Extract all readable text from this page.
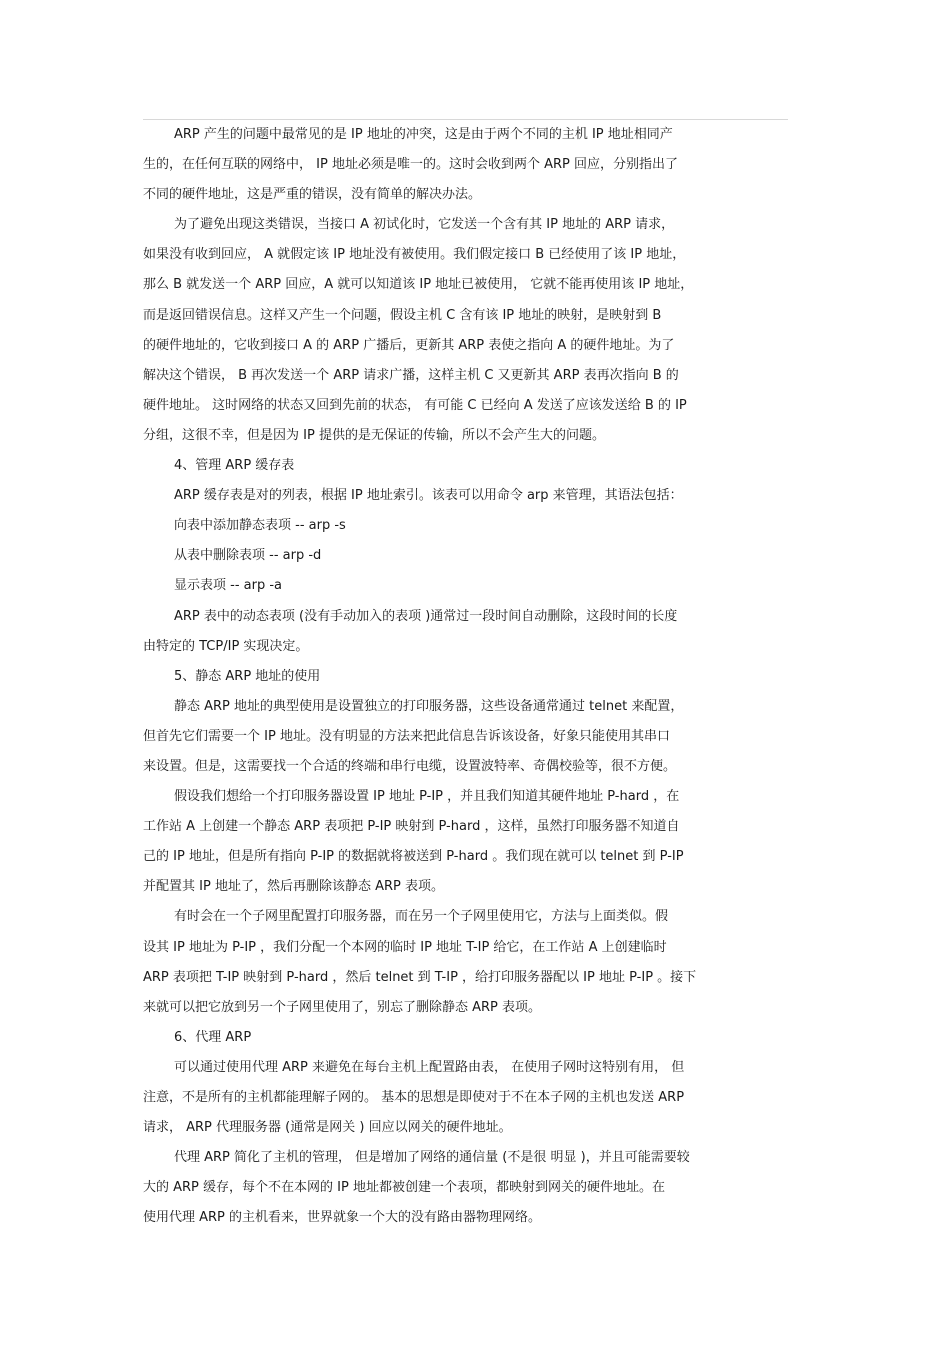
ARP 产生的问题中最常见的是 IP 地址的冲突，这是由于两个不同的主机 IP 地址相同产
生的，在任何互联的网络中， IP 地址必须是唯一的。这时会收到两个 ARP 回应，分别指出了
不同的硬件地址，这是严重的错误，没有简单的解决办法。
为了避免出现这类错误，当接口 A 初试化时，它发送一个含有其 IP 地址的 ARP 请求，
如果没有收到回应， A 就假定该 IP 地址没有被使用。我们假定接口 B 已经使用了该 IP 地址，
那么 B 就发送一个 ARP 回应，A 就可以知道该 IP 地址已被使用， 它就不能再使用该 IP 地址，
而是返回错误信息。这样又产生一个问题，假设主机 C 含有该 IP 地址的映射，是映射到 B
的硬件地址的，它收到接口 A 的 ARP 广播后，更新其 ARP 表使之指向 A 的硬件地址。为了
解决这个错误， B 再次发送一个 ARP 请求广播，这样主机 C 又更新其 ARP 表再次指向 B 的
硬件地址。 这时网络的状态又回到先前的状态， 有可能 C 已经向 A 发送了应该发送给 B 的 IP
分组，这很不幸，但是因为 IP 提供的是无保证的传输，所以不会产生大的问题。
4、管理 ARP 缓存表
ARP 缓存表是对的列表，根据 IP 地址索引。该表可以用命令 arp 来管理，其语法包括：
向表中添加静态表项 -- arp -s
从表中删除表项 -- arp -d
显示表项 -- arp -a
ARP 表中的动态表项 (没有手动加入的表项 )通常过一段时间自动删除，这段时间的长度
由特定的 TCP/IP 实现决定。
5、静态 ARP 地址的使用
静态 ARP 地址的典型使用是设置独立的打印服务器，这些设备通常通过 telnet 来配置，
但首先它们需要一个 IP 地址。没有明显的方法来把此信息告诉该设备，好象只能使用其串口
来设置。但是，这需要找一个合适的终端和串行电缆，设置波特率、奇偶校验等，很不方便。
假设我们想给一个打印服务器设置 IP 地址 P-IP ，并且我们知道其硬件地址 P-hard ，在
工作站 A 上创建一个静态 ARP 表项把 P-IP 映射到 P-hard ，这样，虽然打印服务器不知道自
己的 IP 地址，但是所有指向 P-IP 的数据就将被送到 P-hard 。我们现在就可以 telnet 到 P-IP
并配置其 IP 地址了，然后再删除该静态 ARP 表项。
有时会在一个子网里配置打印服务器，而在另一个子网里使用它，方法与上面类似。假
设其 IP 地址为 P-IP ，我们分配一个本网的临时 IP 地址 T-IP 给它，在工作站 A 上创建临时
ARP 表项把 T-IP 映射到 P-hard ，然后 telnet 到 T-IP ，给打印服务器配以 IP 地址 P-IP 。接下
来就可以把它放到另一个子网里使用了，别忘了删除静态 ARP 表项。
6、代理 ARP
可以通过使用代理 ARP 来避免在每台主机上配置路由表， 在使用子网时这特别有用， 但
注意，不是所有的主机都能理解子网的。 基本的思想是即使对于不在本子网的主机也发送 ARP
请求， ARP 代理服务器 (通常是网关 ) 回应以网关的硬件地址。
代理 ARP 简化了主机的管理， 但是增加了网络的通信量 (不是很 明显 )，并且可能需要较
大的 ARP 缓存，每个不在本网的 IP 地址都被创建一个表项，都映射到网关的硬件地址。在
使用代理 ARP 的主机看来，世界就象一个大的没有路由器物理网络。
